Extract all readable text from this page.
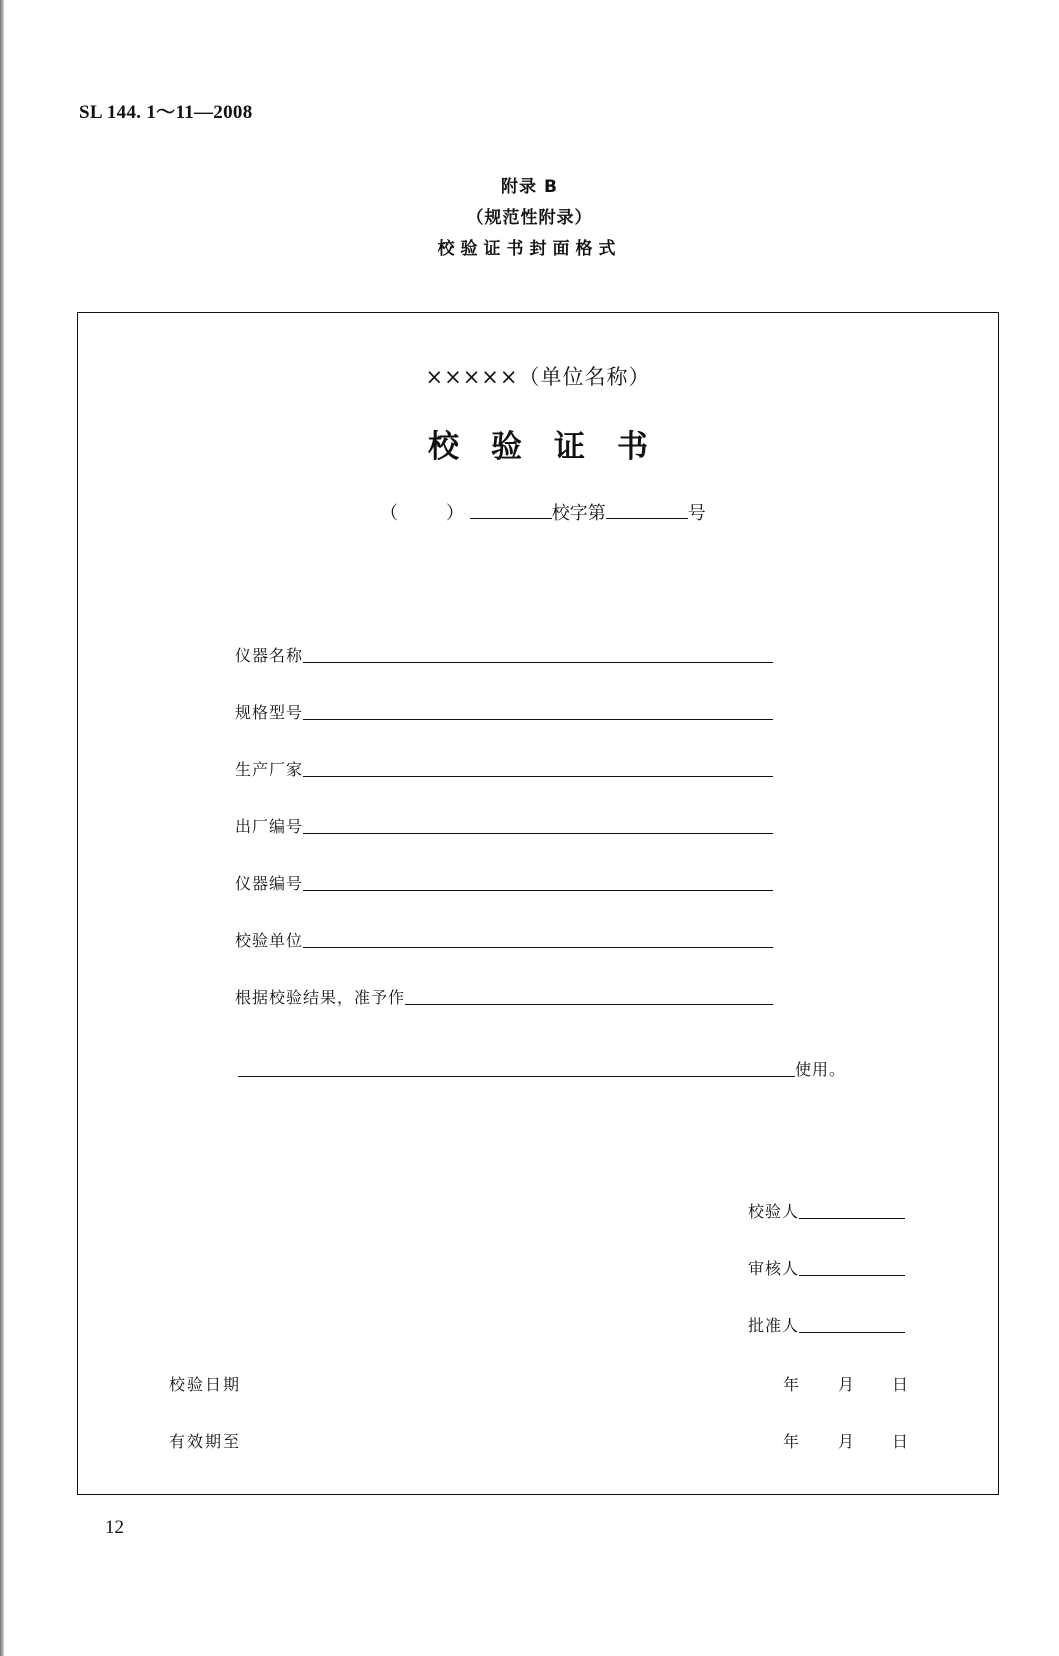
SL 144. 1～11—2008
附录 B
（规范性附录）
校验证书封面格式
×××××（单位名称）
校验证书
（	）	校字第	号
仪器名称
规格型号
生产厂家
出厂编号
仪器编号
校验单位
根据校验结果，准予作
使用。
校验人
审核人
批准人
校验日期	年 月 日
有效期至	年 月 日
12
